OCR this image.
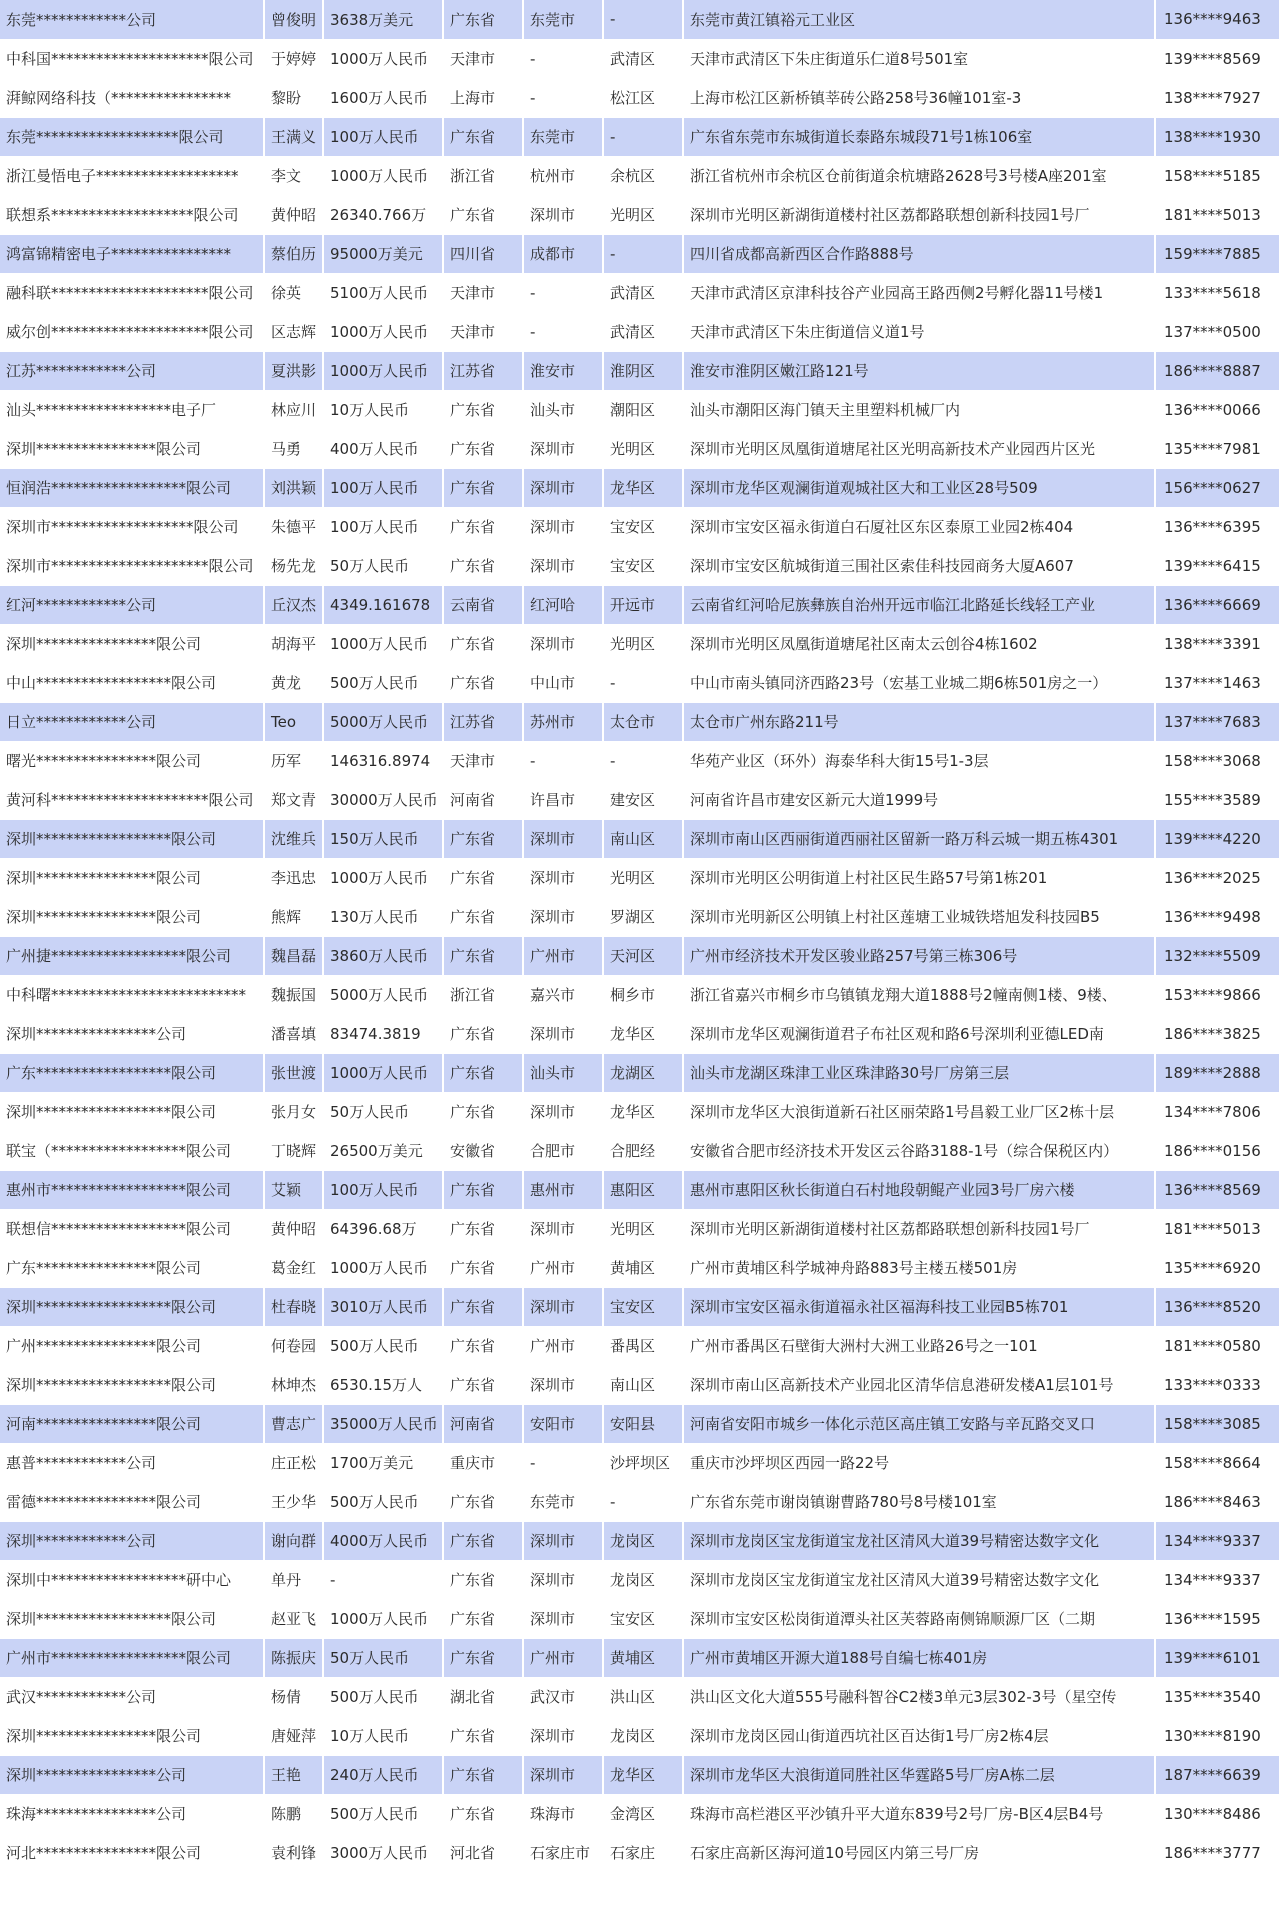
东莞************公司	曾俊明	3638万美元	广东省	东莞市	-	东莞市黄江镇裕元工业区	136****9463
中科国*********************限公司	于婷婷	1000万人民币	天津市	-	武清区	天津市武清区下朱庄街道乐仁道8号501室	139****8569
湃鲸网络科技（****************	黎盼	1600万人民币	上海市	-	松江区	上海市松江区新桥镇莘砖公路258号36幢101室-3	138****7927
东莞*******************限公司	王满义	100万人民币	广东省	东莞市	-	广东省东莞市东城街道长泰路东城段71号1栋106室	138****1930
浙江曼悟电子*******************	李文	1000万人民币	浙江省	杭州市	余杭区	浙江省杭州市余杭区仓前街道余杭塘路2628号3号楼A座201室	158****5185
联想系*******************限公司	黄仲昭	26340.766万	广东省	深圳市	光明区	深圳市光明区新湖街道楼村社区荔都路联想创新科技园1号厂	181****5013
鸿富锦精密电子****************	蔡伯历	95000万美元	四川省	成都市	-	四川省成都高新西区合作路888号	159****7885
融科联*********************限公司	徐英	5100万人民币	天津市	-	武清区	天津市武清区京津科技谷产业园高王路西侧2号孵化器11号楼1	133****5618
威尔创*********************限公司	区志辉	1000万人民币	天津市	-	武清区	天津市武清区下朱庄街道信义道1号	137****0500
江苏************公司	夏洪影	1000万人民币	江苏省	淮安市	淮阴区	淮安市淮阴区嫩江路121号	186****8887
汕头******************电子厂	林应川	10万人民币	广东省	汕头市	潮阳区	汕头市潮阳区海门镇天主里塑料机械厂内	136****0066
深圳****************限公司	马勇	400万人民币	广东省	深圳市	光明区	深圳市光明区凤凰街道塘尾社区光明高新技术产业园西片区光	135****7981
恒润浩******************限公司	刘洪颖	100万人民币	广东省	深圳市	龙华区	深圳市龙华区观澜街道观城社区大和工业区28号509	156****0627
深圳市*******************限公司	朱德平	100万人民币	广东省	深圳市	宝安区	深圳市宝安区福永街道白石厦社区东区泰原工业园2栋404	136****6395
深圳市*********************限公司	杨先龙	50万人民币	广东省	深圳市	宝安区	深圳市宝安区航城街道三围社区索佳科技园商务大厦A607	139****6415
红河************公司	丘汉杰	4349.161678	云南省	红河哈	开远市	云南省红河哈尼族彝族自治州开远市临江北路延长线轻工产业	136****6669
深圳****************限公司	胡海平	1000万人民币	广东省	深圳市	光明区	深圳市光明区凤凰街道塘尾社区南太云创谷4栋1602	138****3391
中山******************限公司	黄龙	500万人民币	广东省	中山市	-	中山市南头镇同济西路23号（宏基工业城二期6栋501房之一）	137****1463
日立************公司	Teo	5000万人民币	江苏省	苏州市	太仓市	太仓市广州东路211号	137****7683
曙光****************限公司	历军	146316.8974	天津市	-	-	华苑产业区（环外）海泰华科大街15号1-3层	158****3068
黄河科*********************限公司	郑文青	30000万人民币	河南省	许昌市	建安区	河南省许昌市建安区新元大道1999号	155****3589
深圳******************限公司	沈维兵	150万人民币	广东省	深圳市	南山区	深圳市南山区西丽街道西丽社区留新一路万科云城一期五栋4301	139****4220
深圳****************限公司	李迅忠	1000万人民币	广东省	深圳市	光明区	深圳市光明区公明街道上村社区民生路57号第1栋201	136****2025
深圳****************限公司	熊辉	130万人民币	广东省	深圳市	罗湖区	深圳市光明新区公明镇上村社区莲塘工业城铁塔旭发科技园B5	136****9498
广州捷******************限公司	魏昌磊	3860万人民币	广东省	广州市	天河区	广州市经济技术开发区骏业路257号第三栋306号	132****5509
中科曙**************************	魏振国	5000万人民币	浙江省	嘉兴市	桐乡市	浙江省嘉兴市桐乡市乌镇镇龙翔大道1888号2幢南侧1楼、9楼、	153****9866
深圳****************公司	潘喜填	83474.3819	广东省	深圳市	龙华区	深圳市龙华区观澜街道君子布社区观和路6号深圳利亚德LED南	186****3825
广东******************限公司	张世渡	1000万人民币	广东省	汕头市	龙湖区	汕头市龙湖区珠津工业区珠津路30号厂房第三层	189****2888
深圳******************限公司	张月女	50万人民币	广东省	深圳市	龙华区	深圳市龙华区大浪街道新石社区丽荣路1号昌毅工业厂区2栋十层	134****7806
联宝（******************限公司	丁晓辉	26500万美元	安徽省	合肥市	合肥经	安徽省合肥市经济技术开发区云谷路3188-1号（综合保税区内）	186****0156
惠州市******************限公司	艾颖	100万人民币	广东省	惠州市	惠阳区	惠州市惠阳区秋长街道白石村地段朝鲲产业园3号厂房六楼	136****8569
联想信******************限公司	黄仲昭	64396.68万	广东省	深圳市	光明区	深圳市光明区新湖街道楼村社区荔都路联想创新科技园1号厂	181****5013
广东****************限公司	葛金红	1000万人民币	广东省	广州市	黄埔区	广州市黄埔区科学城神舟路883号主楼五楼501房	135****6920
深圳******************限公司	杜春晓	3010万人民币	广东省	深圳市	宝安区	深圳市宝安区福永街道福永社区福海科技工业园B5栋701	136****8520
广州****************限公司	何卷园	500万人民币	广东省	广州市	番禺区	广州市番禺区石壁街大洲村大洲工业路26号之一101	181****0580
深圳******************限公司	林坤杰	6530.15万人	广东省	深圳市	南山区	深圳市南山区高新技术产业园北区清华信息港研发楼A1层101号	133****0333
河南****************限公司	曹志广	35000万人民币	河南省	安阳市	安阳县	河南省安阳市城乡一体化示范区高庄镇工安路与辛瓦路交叉口	158****3085
惠普************公司	庄正松	1700万美元	重庆市	-	沙坪坝区	重庆市沙坪坝区西园一路22号	158****8664
雷德****************限公司	王少华	500万人民币	广东省	东莞市	-	广东省东莞市谢岗镇谢曹路780号8号楼101室	186****8463
深圳************公司	谢向群	4000万人民币	广东省	深圳市	龙岗区	深圳市龙岗区宝龙街道宝龙社区清风大道39号精密达数字文化	134****9337
深圳中******************研中心	单丹	-	广东省	深圳市	龙岗区	深圳市龙岗区宝龙街道宝龙社区清风大道39号精密达数字文化	134****9337
深圳******************限公司	赵亚飞	1000万人民币	广东省	深圳市	宝安区	深圳市宝安区松岗街道潭头社区芙蓉路南侧锦顺源厂区（二期	136****1595
广州市******************限公司	陈振庆	50万人民币	广东省	广州市	黄埔区	广州市黄埔区开源大道188号自编七栋401房	139****6101
武汉************公司	杨倩	500万人民币	湖北省	武汉市	洪山区	洪山区文化大道555号融科智谷C2楼3单元3层302-3号（星空传	135****3540
深圳****************限公司	唐娅萍	10万人民币	广东省	深圳市	龙岗区	深圳市龙岗区园山街道西坑社区百达街1号厂房2栋4层	130****8190
深圳****************公司	王艳	240万人民币	广东省	深圳市	龙华区	深圳市龙华区大浪街道同胜社区华霆路5号厂房A栋二层	187****6639
珠海****************公司	陈鹏	500万人民币	广东省	珠海市	金湾区	珠海市高栏港区平沙镇升平大道东839号2号厂房-B区4层B4号	130****8486
河北****************限公司	袁利锋	3000万人民币	河北省	石家庄市	石家庄	石家庄高新区海河道10号园区内第三号厂房	186****3777
